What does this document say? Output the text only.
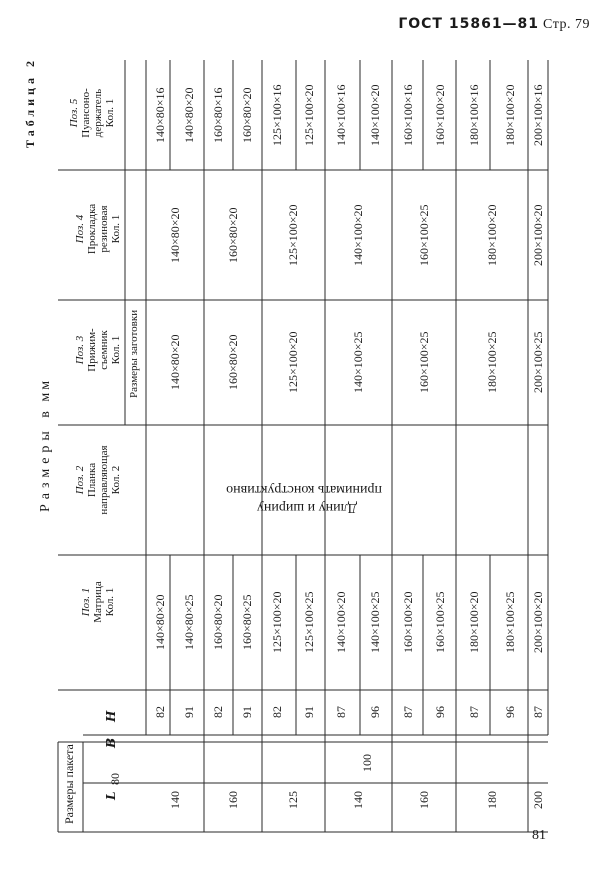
ГОСТ 15861—81 Стр. 79
Таблица 2
Размеры в мм
Размеры пакета L
B
H
Поз. 1 Матрица Кол. 1
Поз. 2 Планка направляющая Кол. 2
Поз. 3 Прижим- съемник Кол. 1
Поз. 4 Прокладка резиновая Кол. 1
Поз. 5 Пуансоно- держатель Кол. 1
Размеры заготовки
80
100
Длину и ширину
принимать конструктивно
140
82
140×80×20
140×80×16
91
140×80×25
140×80×20
140×80×20
140×80×20
160
82
160×80×20
160×80×16
91
160×80×25
160×80×20
160×80×20
160×80×20
125
82
125×100×20
125×100×16
91
125×100×25
125×100×20
125×100×20
125×100×20
140
87
140×100×20
140×100×16
96
140×100×25
140×100×20
140×100×25
140×100×20
160
87
160×100×20
160×100×16
96
160×100×25
160×100×20
160×100×25
160×100×25
180
87
180×100×20
180×100×16
96
180×100×25
180×100×20
180×100×25
180×100×20
200
87
200×100×20
200×100×16
200×100×25
200×100×20
81
